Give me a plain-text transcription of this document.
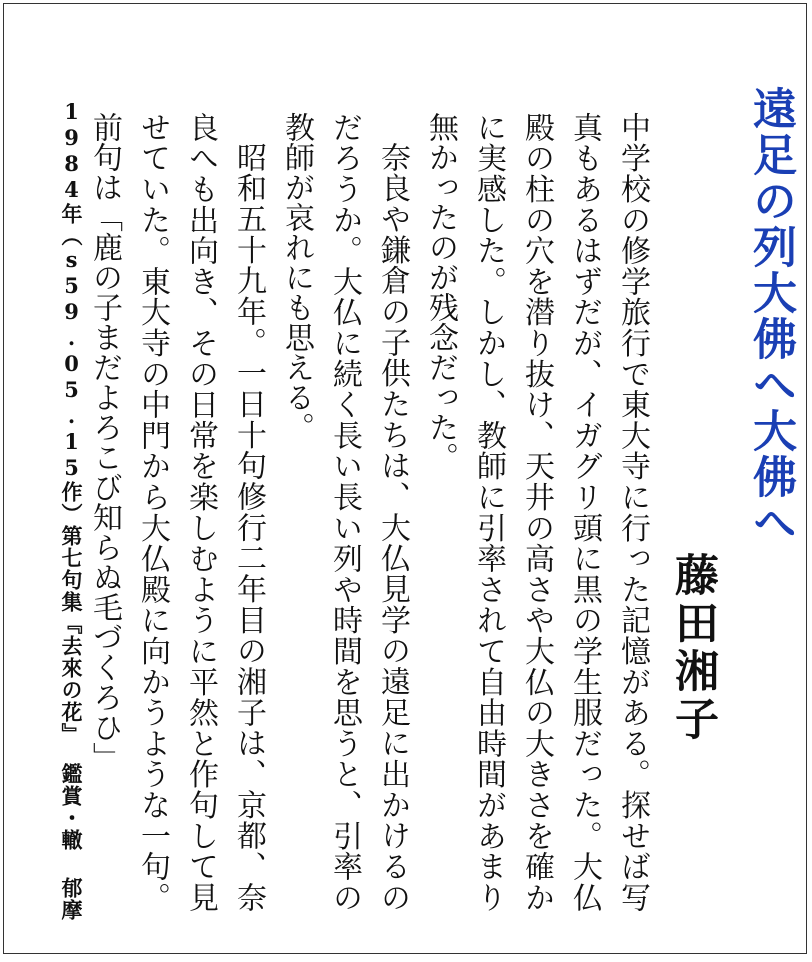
遠足の列大佛へ大佛へ
藤田湘子

中学校の修学旅行で東大寺に行った記憶がある。探せば写真もあるはずだが、イガグリ頭に黒の学生服だった。大仏殿の柱の穴を潜り抜け、天井の高さや大仏の大きさを確かに実感した。しかし、教師に引率されて自由時間があまり無かったのが残念だった。

奈良や鎌倉の子供たちは、大仏見学の遠足に出かけるのだろうか。大仏に続く長い長い列や時間を思うと、引率の教師が哀れにも思える。

昭和五十九年。一日十句修行二年目の湘子は、京都、奈良へも出向き、その日常を楽しむように平然と作句して見せていた。東大寺の中門から大仏殿に向かうような一句。前句は「鹿の子まだよろこび知らぬ毛づくろひ」

1984年（s59.05.15作）第七句集『去來の花』鑑賞・轍 郁摩
